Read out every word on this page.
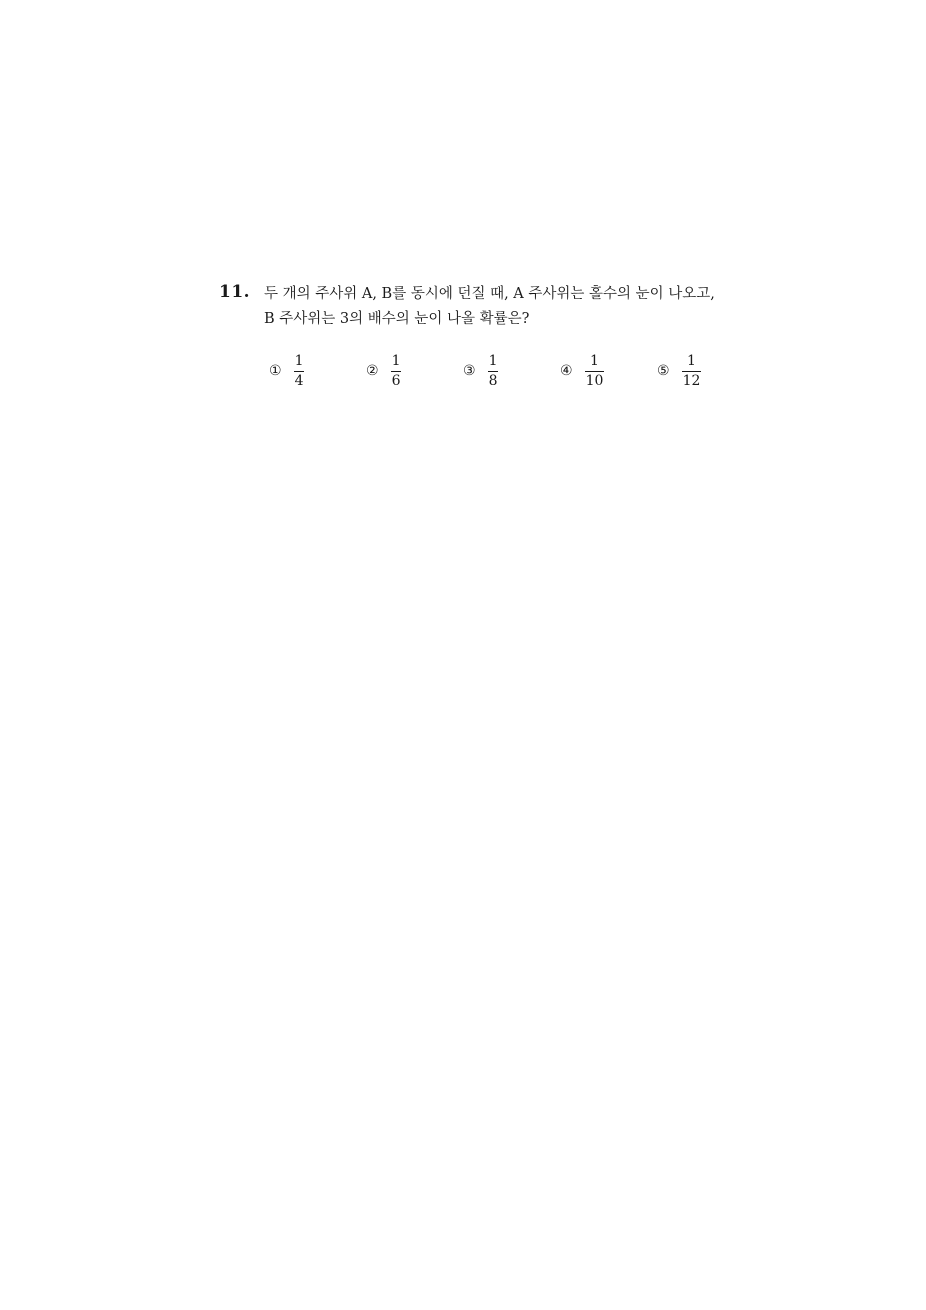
11. 두 개의 주사위 A, B를 동시에 던질 때, A 주사위는 홀수의 눈이 나오고,
B 주사위는 3의 배수의 눈이 나올 확률은?
① $\frac{1}{4}$	② $\frac{1}{6}$	③ $\frac{1}{8}$	④ $\frac{1}{10}$	⑤ $\frac{1}{12}$
